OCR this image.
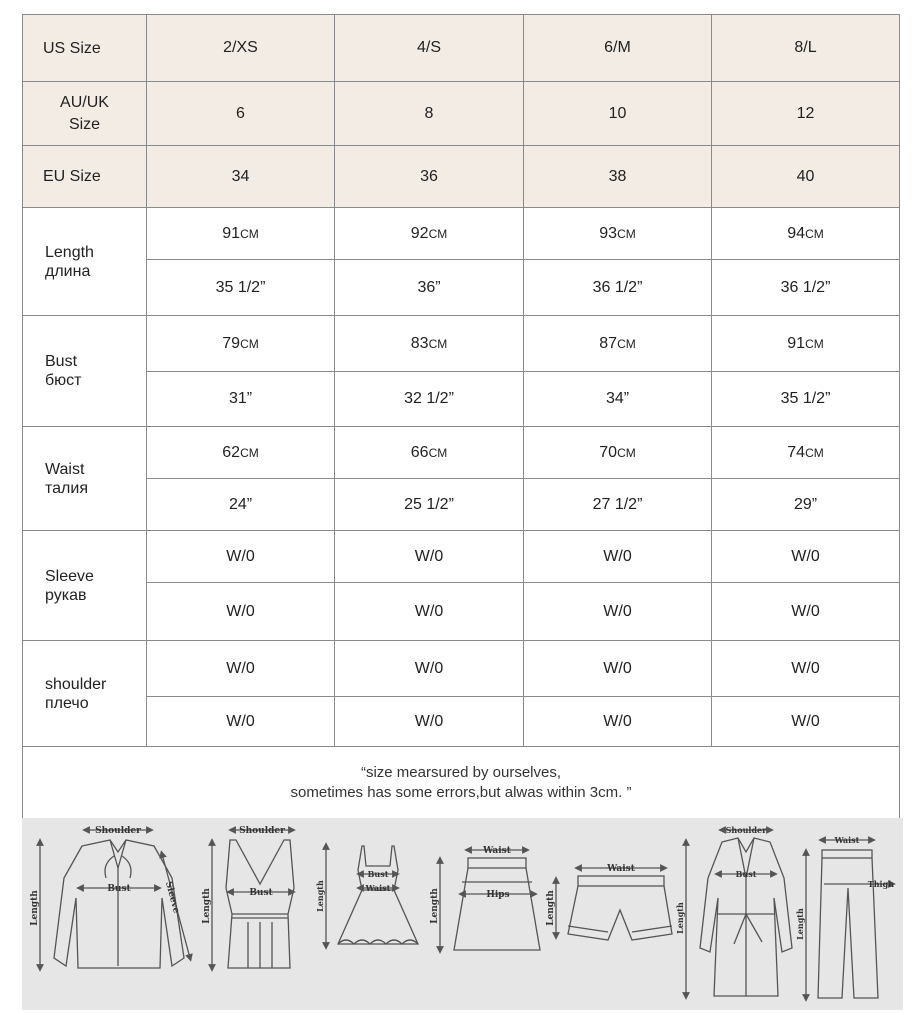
US Size	2/XS	4/S	6/M	8/L

AU/UK
Size	6	8	10	12
EU Size	34	36	38	40

Length
длина	91CM	92CM	93CM	94CM
	35 1/2”	36”	36 1/2”	36 1/2”

Bust
бюст	79CM	83CM	87CM	91CM
	31”	32 1/2”	34”	35 1/2”

Waist
талия	62CM	66CM	70CM	74CM
	24”	25 1/2”	27 1/2”	29”

Sleeve
рукав	W/0	W/0	W/0	W/0
	W/0	W/0	W/0	W/0

shoulder
плечо	W/0	W/0	W/0	W/0
	W/0	W/0	W/0	W/0

“size mearsured by ourselves,
sometimes has some errors,but alwas within 3cm. ”				
Shoulder
Bust
Length	Sleeve
Shoulder
Bust
Length
Bust
Waist
Length
Waist
Hips
Length
Waist
Length
Shoulder
Bust
Length
Waist
Thigh
Length
